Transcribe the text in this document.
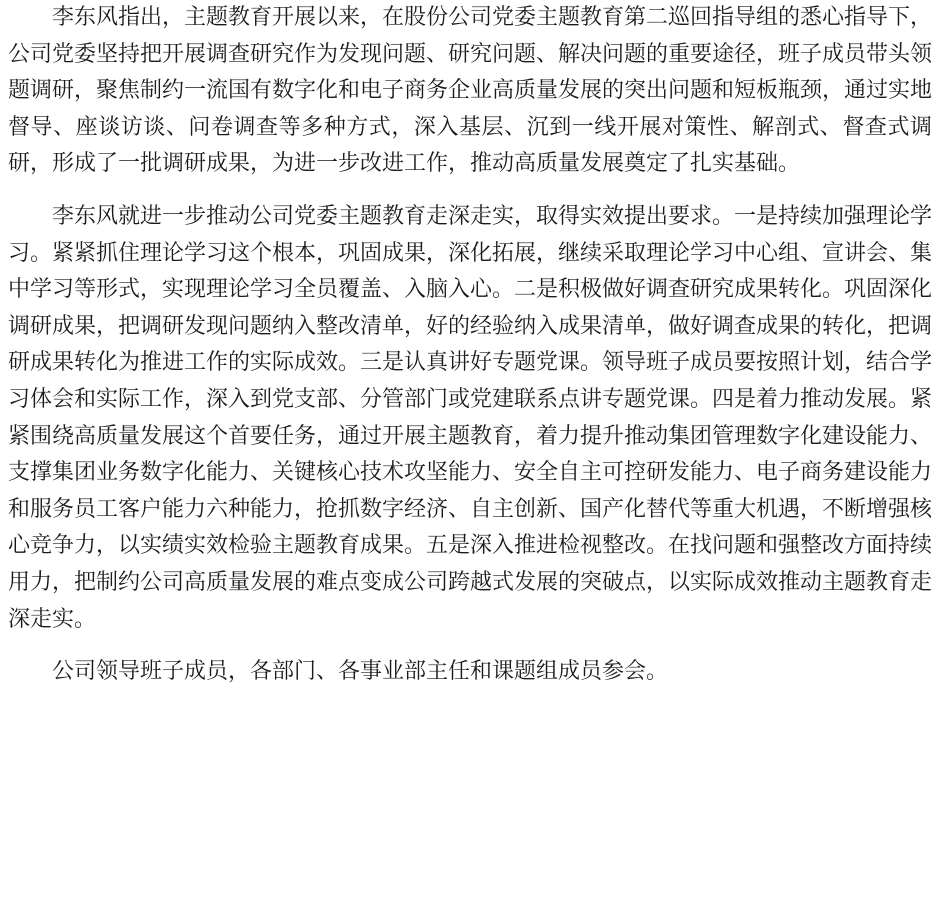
李东风指出，主题教育开展以来，在股份公司党委主题教育第二巡回指导组的悉心指导下，公司党委坚持把开展调查研究作为发现问题、研究问题、解决问题的重要途径，班子成员带头领题调研，聚焦制约一流国有数字化和电子商务企业高质量发展的突出问题和短板瓶颈，通过实地督导、座谈访谈、问卷调查等多种方式，深入基层、沉到一线开展对策性、解剖式、督查式调研，形成了一批调研成果，为进一步改进工作，推动高质量发展奠定了扎实基础。

李东风就进一步推动公司党委主题教育走深走实，取得实效提出要求。一是持续加强理论学习。紧紧抓住理论学习这个根本，巩固成果，深化拓展，继续采取理论学习中心组、宣讲会、集中学习等形式，实现理论学习全员覆盖、入脑入心。二是积极做好调查研究成果转化。巩固深化调研成果，把调研发现问题纳入整改清单，好的经验纳入成果清单，做好调查成果的转化，把调研成果转化为推进工作的实际成效。三是认真讲好专题党课。领导班子成员要按照计划，结合学习体会和实际工作，深入到党支部、分管部门或党建联系点讲专题党课。四是着力推动发展。紧紧围绕高质量发展这个首要任务，通过开展主题教育，着力提升推动集团管理数字化建设能力、支撑集团业务数字化能力、关键核心技术攻坚能力、安全自主可控研发能力、电子商务建设能力和服务员工客户能力六种能力，抢抓数字经济、自主创新、国产化替代等重大机遇，不断增强核心竞争力，以实绩实效检验主题教育成果。五是深入推进检视整改。在找问题和强整改方面持续用力，把制约公司高质量发展的难点变成公司跨越式发展的突破点，以实际成效推动主题教育走深走实。

公司领导班子成员，各部门、各事业部主任和课题组成员参会。
